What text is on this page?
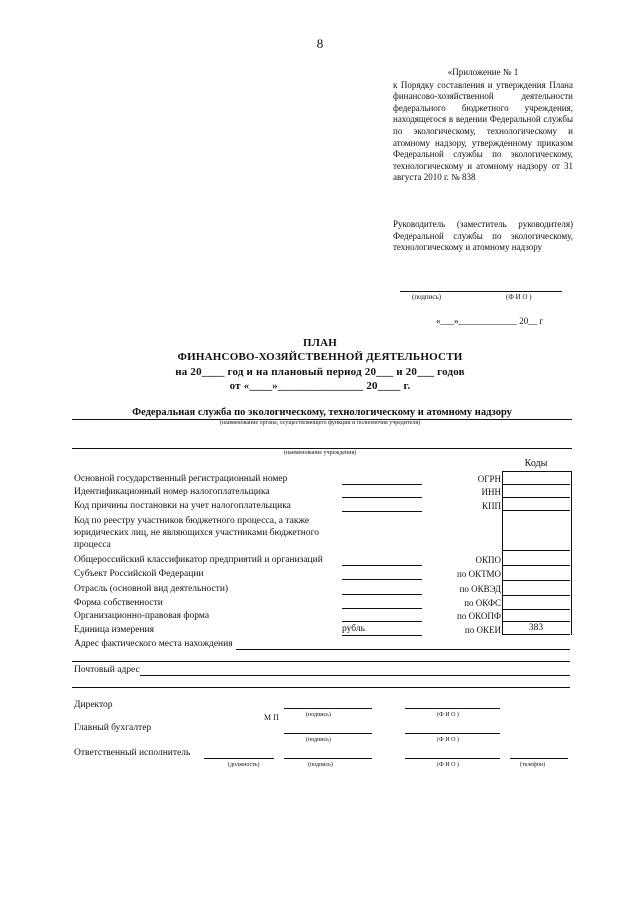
8
«Приложение № 1
к Порядку составления и утверждения Плана финансово-хозяйственной деятельности федерального бюджетного учреждения, находящегося в ведении Федеральной службы по экологическому, технологическому и атомному надзору, утвержденному приказом Федеральной службы по экологическому, технологическому и атомному надзору от 31 августа 2010 г. № 838
Руководитель (заместитель руководителя) Федеральной службы по экологическому, технологическому и атомному надзору
(подпись)	(Ф И О )
«___»_____________ 20__ г
ПЛАН
ФИНАНСОВО-ХОЗЯЙСТВЕННОЙ ДЕЯТЕЛЬНОСТИ
на 20____ год и на плановый период 20___ и 20___ годов
от «____»_______________ 20____ г.
Федеральная служба по экологическому, технологическому и атомному надзору
(наименование органа, осуществляющего функции и полномочия учредителя)
(наименование учреждения)
Коды
Основной государственный регистрационный номер	ОГРН
Идентификационный номер налогоплательщика	ИНН
Код причины постановки на учет налогоплательщика	КПП
Код по реестру участников бюджетного процесса, а также юридических лиц, не являющихся участниками бюджетного процесса
Общероссийский классификатор предприятий и организаций	ОКПО
Субъект Российской Федерации	по ОКТМО
Отрасль (основной вид деятельности)	по ОКВЭД
Форма собственности	по ОКФС
Организационно-правовая форма	по ОКОПФ
Единица измерения	рубль	по ОКЕИ	383
Адрес фактического места нахождения
Почтовый адрес
Директор
М П	(подпись)	(Ф И О )
Главный бухгалтер
(подпись)	(Ф И О )
Ответственный исполнитель
(должность)	(подпись)	(Ф И О )	(телефон)
